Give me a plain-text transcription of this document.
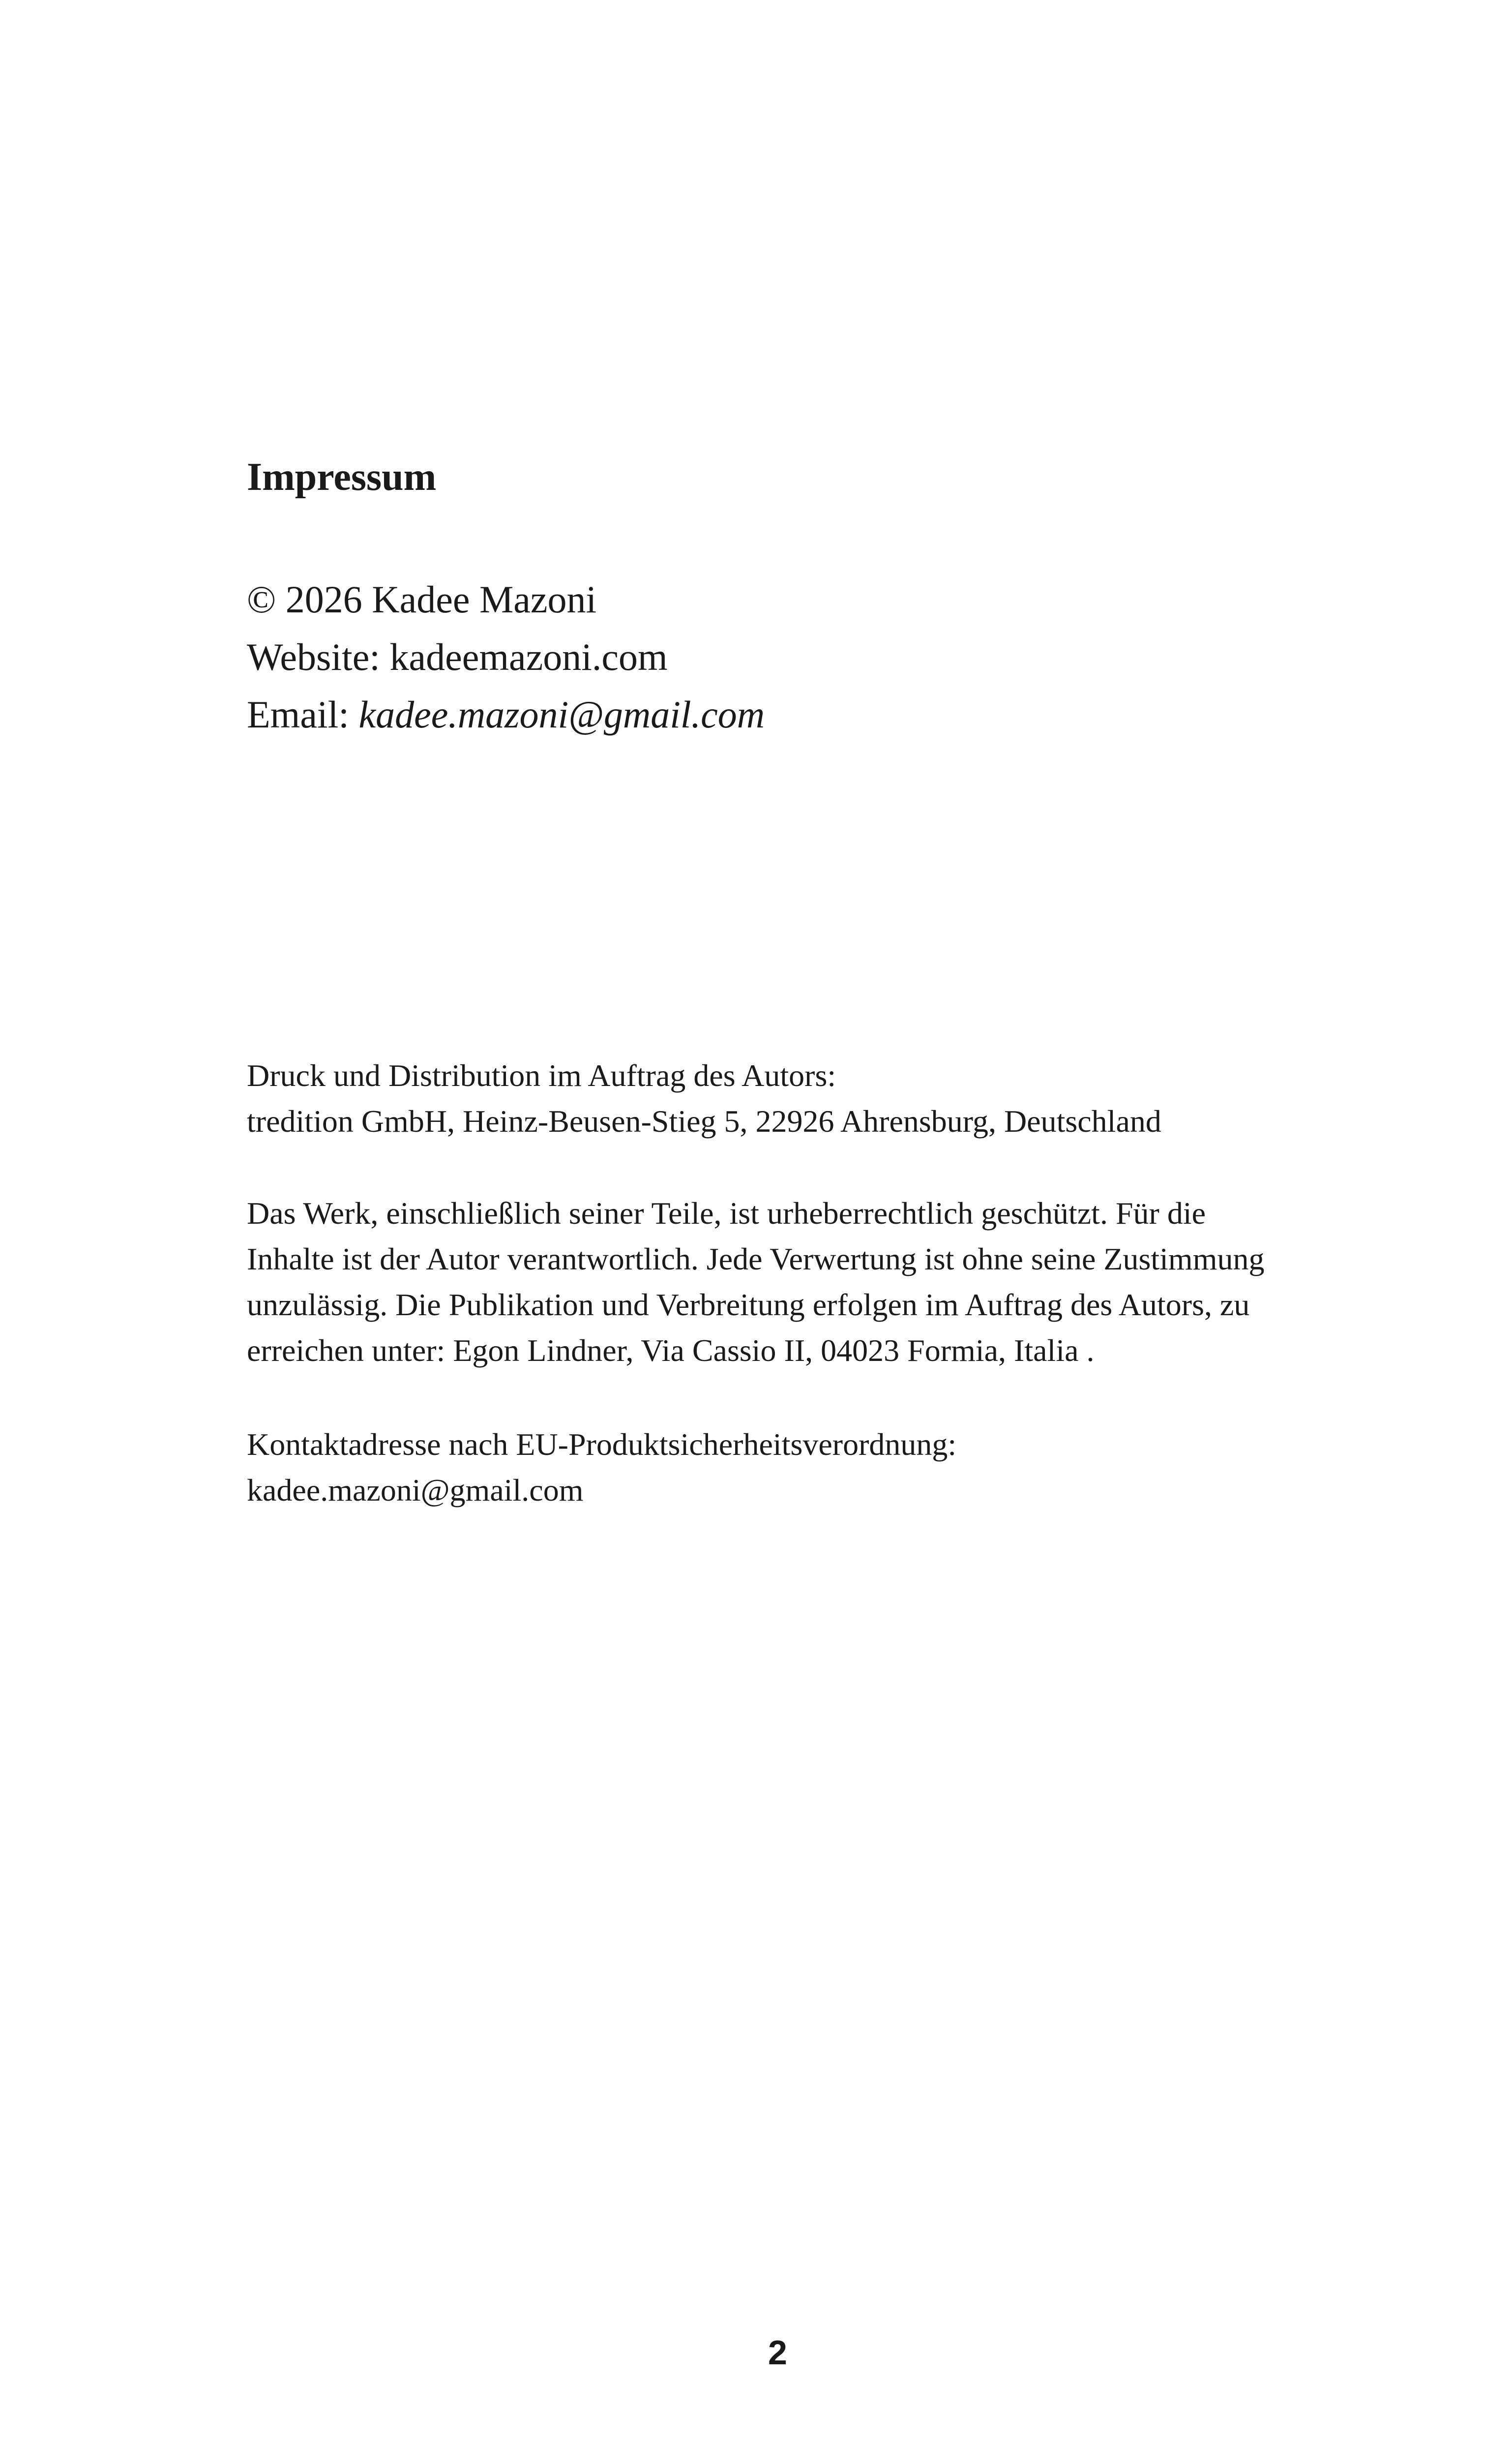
Impressum
© 2026 Kadee Mazoni
Website: kadeemazoni.com
Email: kadee.mazoni@gmail.com
Druck und Distribution im Auftrag des Autors:
tredition GmbH, Heinz-Beusen-Stieg 5, 22926 Ahrensburg, Deutschland
Das Werk, einschließlich seiner Teile, ist urheberrechtlich geschützt. Für die
Inhalte ist der Autor verantwortlich. Jede Verwertung ist ohne seine Zustimmung
unzulässig. Die Publikation und Verbreitung erfolgen im Auftrag des Autors, zu
erreichen unter: Egon Lindner, Via Cassio II, 04023 Formia, Italia .
Kontaktadresse nach EU-Produktsicherheitsverordnung:
kadee.mazoni@gmail.com
2
